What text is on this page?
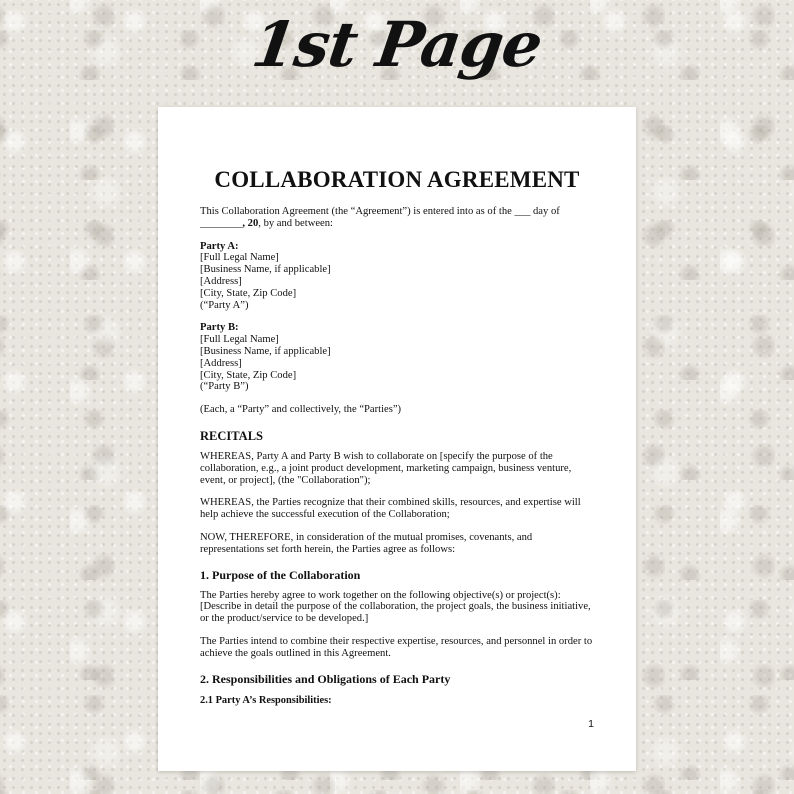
1st Page
COLLABORATION AGREEMENT

This Collaboration Agreement (the “Agreement”) is entered into as of the ___ day of ________, 20, by and between:

Party A:

[Full Legal Name]

[Business Name, if applicable]

[Address]

[City, State, Zip Code]

(“Party A”)

Party B:

[Full Legal Name]

[Business Name, if applicable]

[Address]

[City, State, Zip Code]

(“Party B”)

(Each, a “Party” and collectively, the “Parties”)

RECITALS

WHEREAS, Party A and Party B wish to collaborate on [specify the purpose of the collaboration, e.g., a joint product development, marketing campaign, business venture, event, or project], (the "Collaboration");

WHEREAS, the Parties recognize that their combined skills, resources, and expertise will help achieve the successful execution of the Collaboration;

NOW, THEREFORE, in consideration of the mutual promises, covenants, and representations set forth herein, the Parties agree as follows:

1. Purpose of the Collaboration

The Parties hereby agree to work together on the following objective(s) or project(s):

[Describe in detail the purpose of the collaboration, the project goals, the business initiative, or the product/service to be developed.]

The Parties intend to combine their respective expertise, resources, and personnel in order to achieve the goals outlined in this Agreement.

2. Responsibilities and Obligations of Each Party

2.1 Party A’s Responsibilities:

1
